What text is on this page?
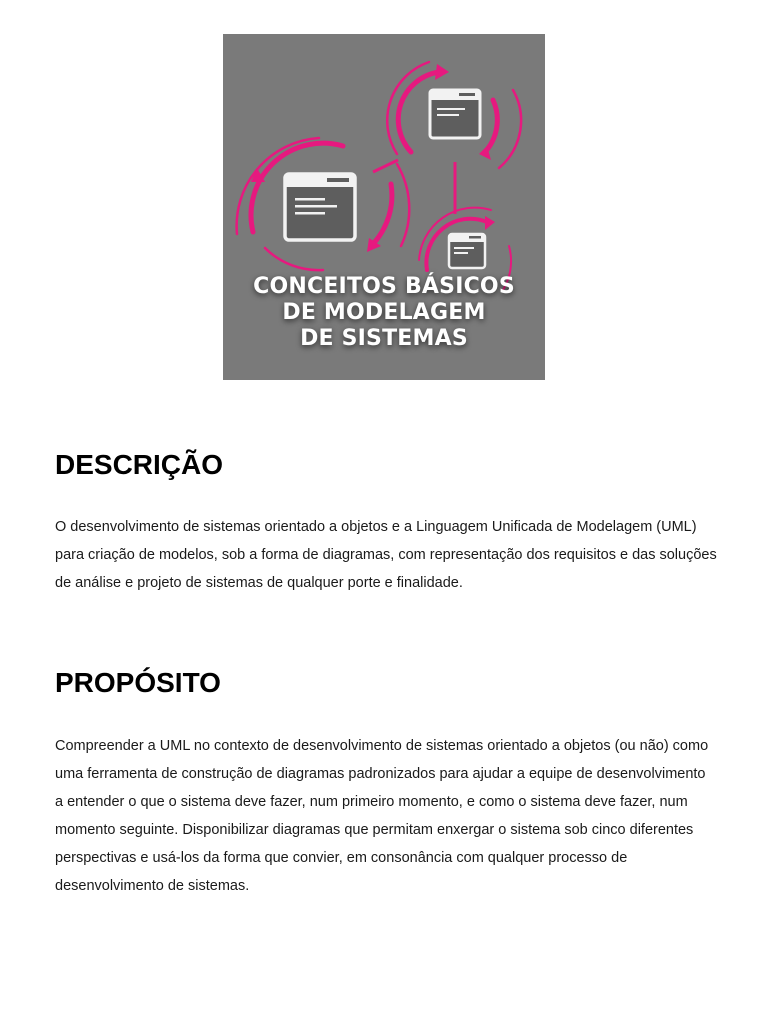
CONCEITOS BÁSICOS
DE MODELAGEM
DE SISTEMAS
DESCRIÇÃO

O desenvolvimento de sistemas orientado a objetos e a Linguagem Unificada de Modelagem (UML) para criação de modelos, sob a forma de diagramas, com representação dos requisitos e das soluções de análise e projeto de sistemas de qualquer porte e finalidade.

PROPÓSITO

Compreender a UML no contexto de desenvolvimento de sistemas orientado a objetos (ou não) como uma ferramenta de construção de diagramas padronizados para ajudar a equipe de desenvolvimento a entender o que o sistema deve fazer, num primeiro momento, e como o sistema deve fazer, num momento seguinte. Disponibilizar diagramas que permitam enxergar o sistema sob cinco diferentes perspectivas e usá-los da forma que convier, em consonância com qualquer processo de desenvolvimento de sistemas.
